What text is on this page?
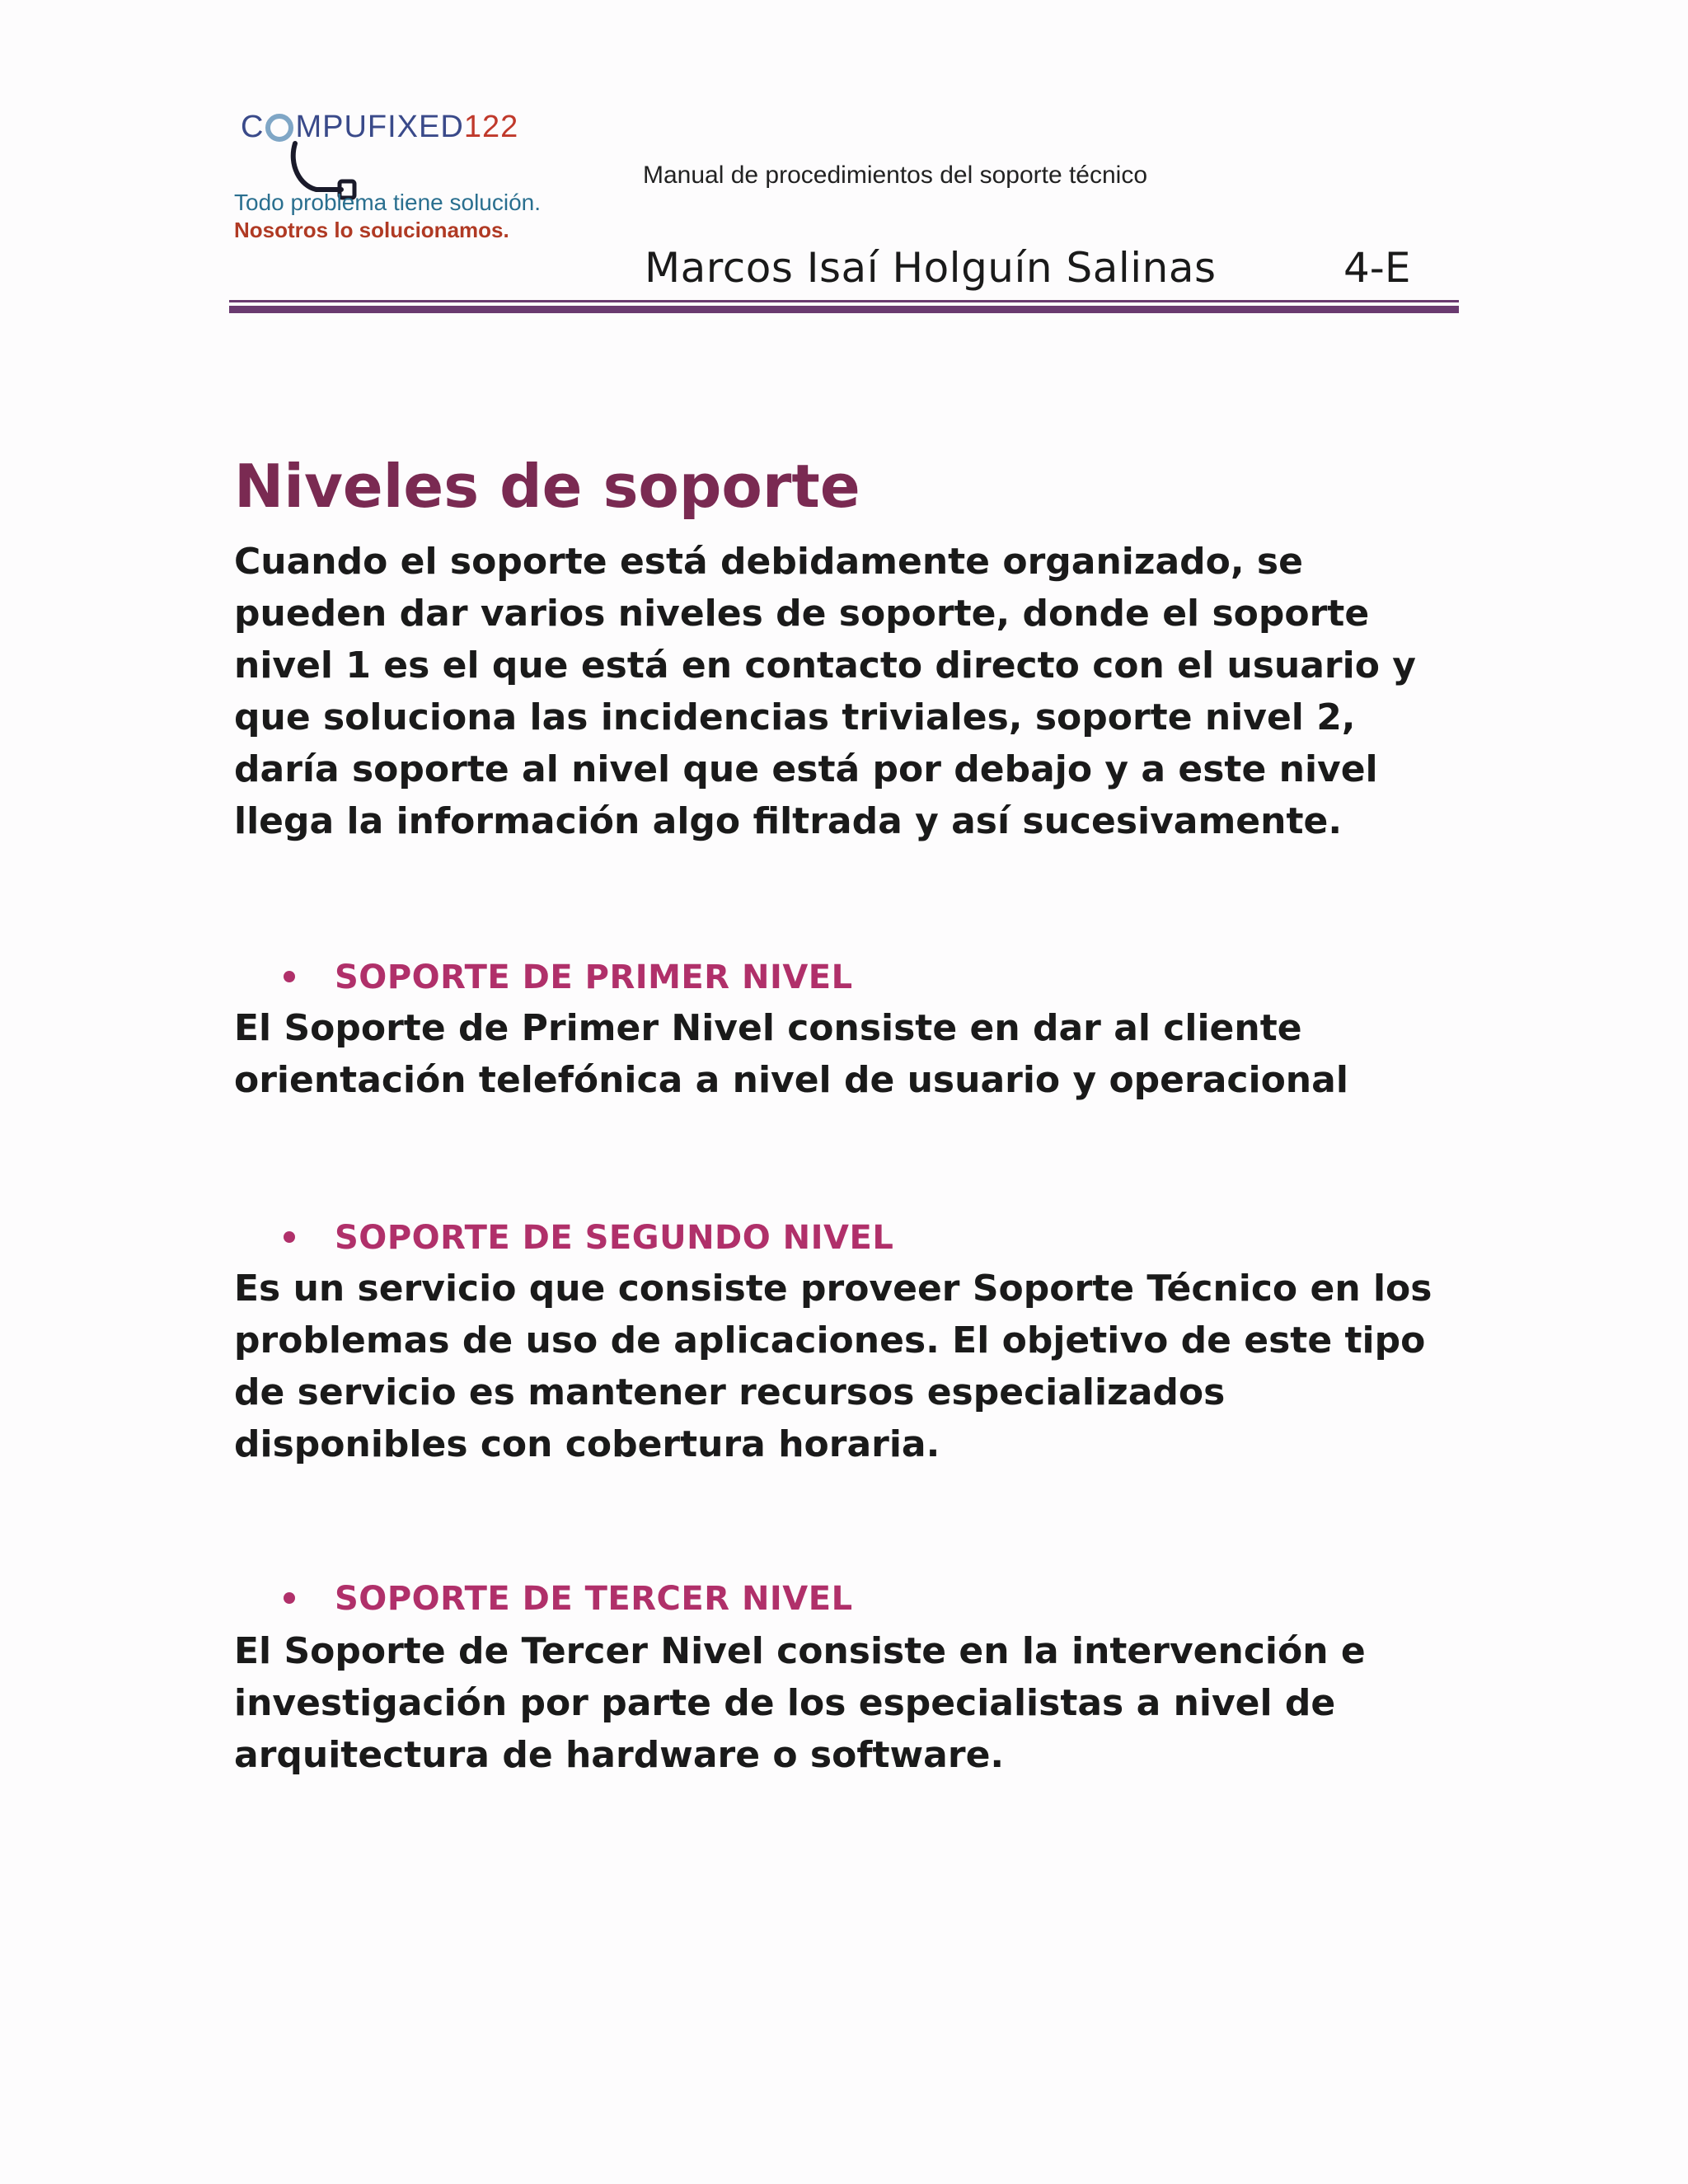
C MPUFIXED122
Todo problema tiene solución.
Nosotros lo solucionamos.
Manual de procedimientos del soporte técnico
Marcos Isaí Holguín Salinas	4-E
Niveles de soporte

Cuando el soporte está debidamente organizado, se pueden dar varios niveles de soporte, donde el soporte nivel 1 es el que está en contacto directo con el usuario y que soluciona las incidencias triviales, soporte nivel 2, daría soporte al nivel que está por debajo y a este nivel llega la información algo filtrada y así sucesivamente.

SOPORTE DE PRIMER NIVEL

El Soporte de Primer Nivel consiste en dar al cliente orientación telefónica a nivel de usuario y operacional

SOPORTE DE SEGUNDO NIVEL

Es un servicio que consiste proveer Soporte Técnico en los problemas de uso de aplicaciones. El objetivo de este tipo de servicio es mantener recursos especializados disponibles con cobertura horaria.

SOPORTE DE TERCER NIVEL

El Soporte de Tercer Nivel consiste en la intervención e investigación por parte de los especialistas a nivel de arquitectura de hardware o software.
